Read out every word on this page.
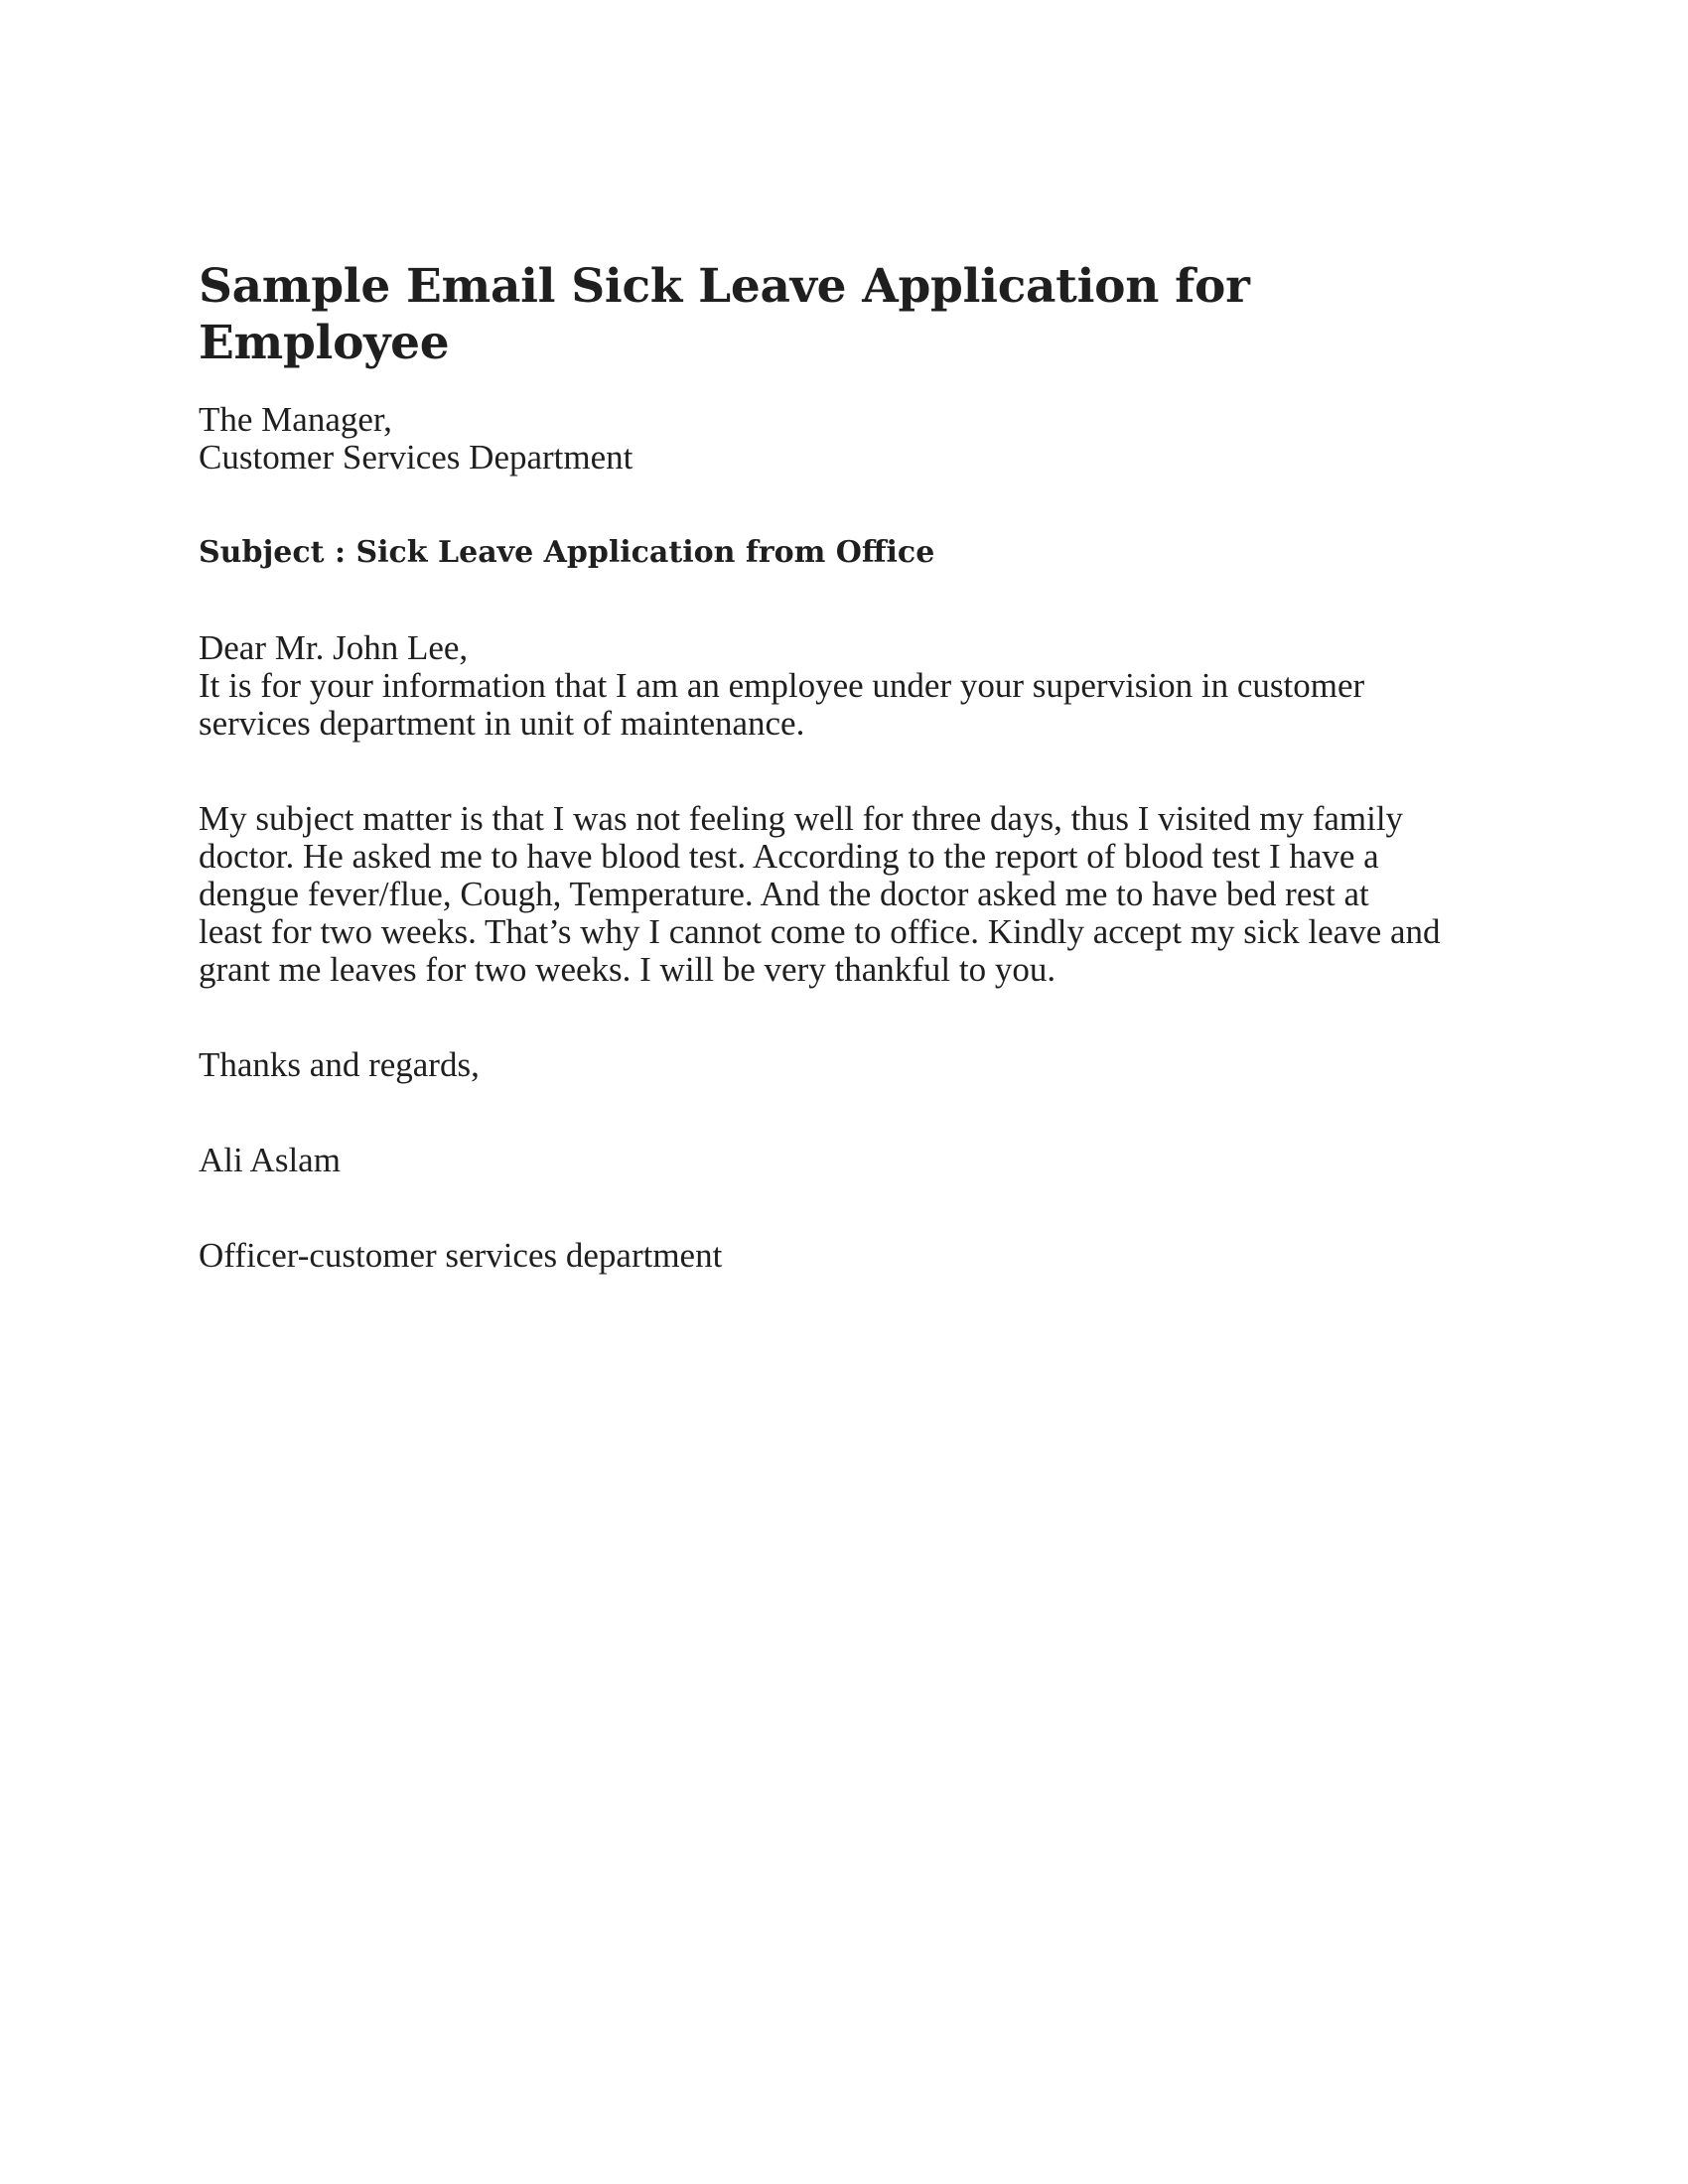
Sample Email Sick Leave Application for
Employee

The Manager,
Customer Services Department

Subject : Sick Leave Application from Office

Dear Mr. John Lee,

It is for your information that I am an employee under your supervision in customer
services department in unit of maintenance.

My subject matter is that I was not feeling well for three days, thus I visited my family
doctor. He asked me to have blood test. According to the report of blood test I have a
dengue fever/flue, Cough, Temperature. And the doctor asked me to have bed rest at
least for two weeks. That’s why I cannot come to office. Kindly accept my sick leave and
grant me leaves for two weeks. I will be very thankful to you.

Thanks and regards,

Ali Aslam

Officer-customer services department
